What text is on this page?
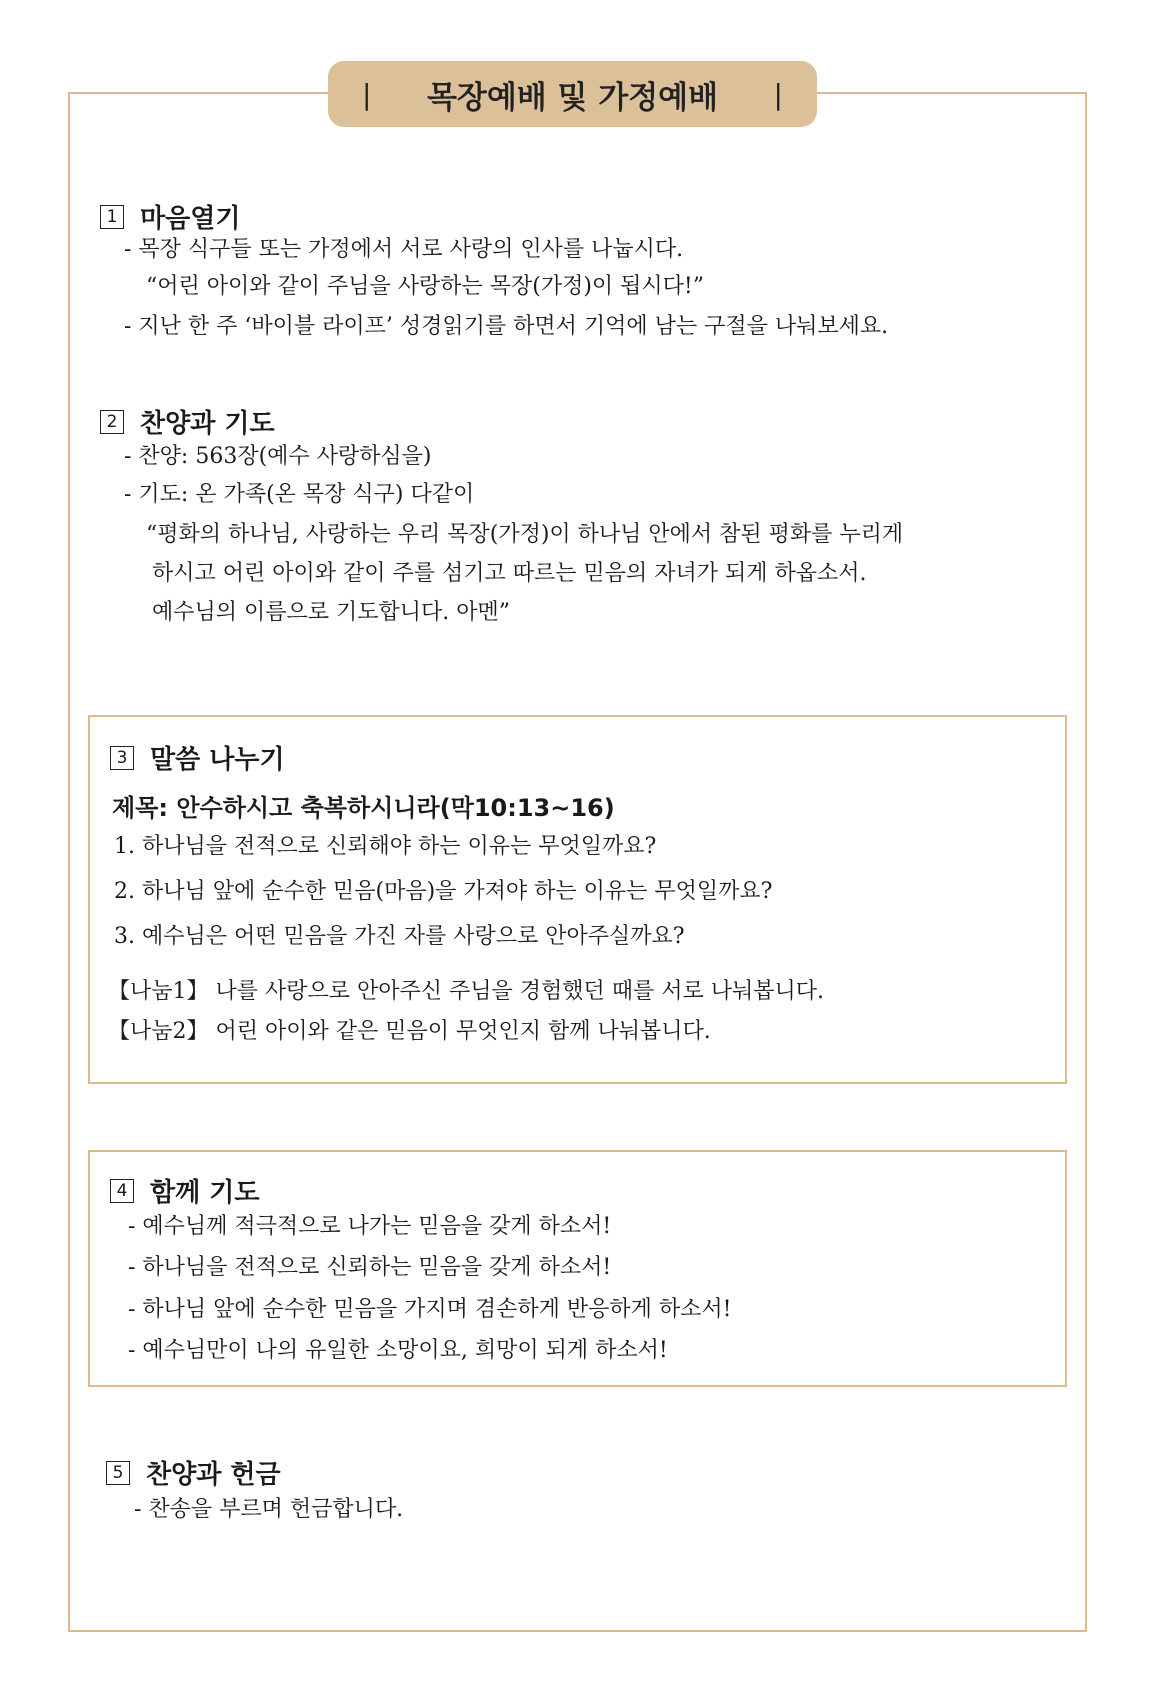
| 목장예배 및 가정예배 |
1 마음열기
- 목장 식구들 또는 가정에서 서로 사랑의 인사를 나눕시다.
“어린 아이와 같이 주님을 사랑하는 목장(가정)이 됩시다!”
- 지난 한 주 ‘바이블 라이프’ 성경읽기를 하면서 기억에 남는 구절을 나눠보세요.
2 찬양과 기도
- 찬양: 563장(예수 사랑하심을)
- 기도: 온 가족(온 목장 식구) 다같이
“평화의 하나님, 사랑하는 우리 목장(가정)이 하나님 안에서 참된 평화를 누리게
하시고 어린 아이와 같이 주를 섬기고 따르는 믿음의 자녀가 되게 하옵소서.
예수님의 이름으로 기도합니다. 아멘”
3 말씀 나누기
제목: 안수하시고 축복하시니라(막10:13~16)
1. 하나님을 전적으로 신뢰해야 하는 이유는 무엇일까요?
2. 하나님 앞에 순수한 믿음(마음)을 가져야 하는 이유는 무엇일까요?
3. 예수님은 어떤 믿음을 가진 자를 사랑으로 안아주실까요?
【나눔1】 나를 사랑으로 안아주신 주님을 경험했던 때를 서로 나눠봅니다.
【나눔2】 어린 아이와 같은 믿음이 무엇인지 함께 나눠봅니다.
4 함께 기도
- 예수님께 적극적으로 나가는 믿음을 갖게 하소서!
- 하나님을 전적으로 신뢰하는 믿음을 갖게 하소서!
- 하나님 앞에 순수한 믿음을 가지며 겸손하게 반응하게 하소서!
- 예수님만이 나의 유일한 소망이요, 희망이 되게 하소서!
5 찬양과 헌금
- 찬송을 부르며 헌금합니다.
